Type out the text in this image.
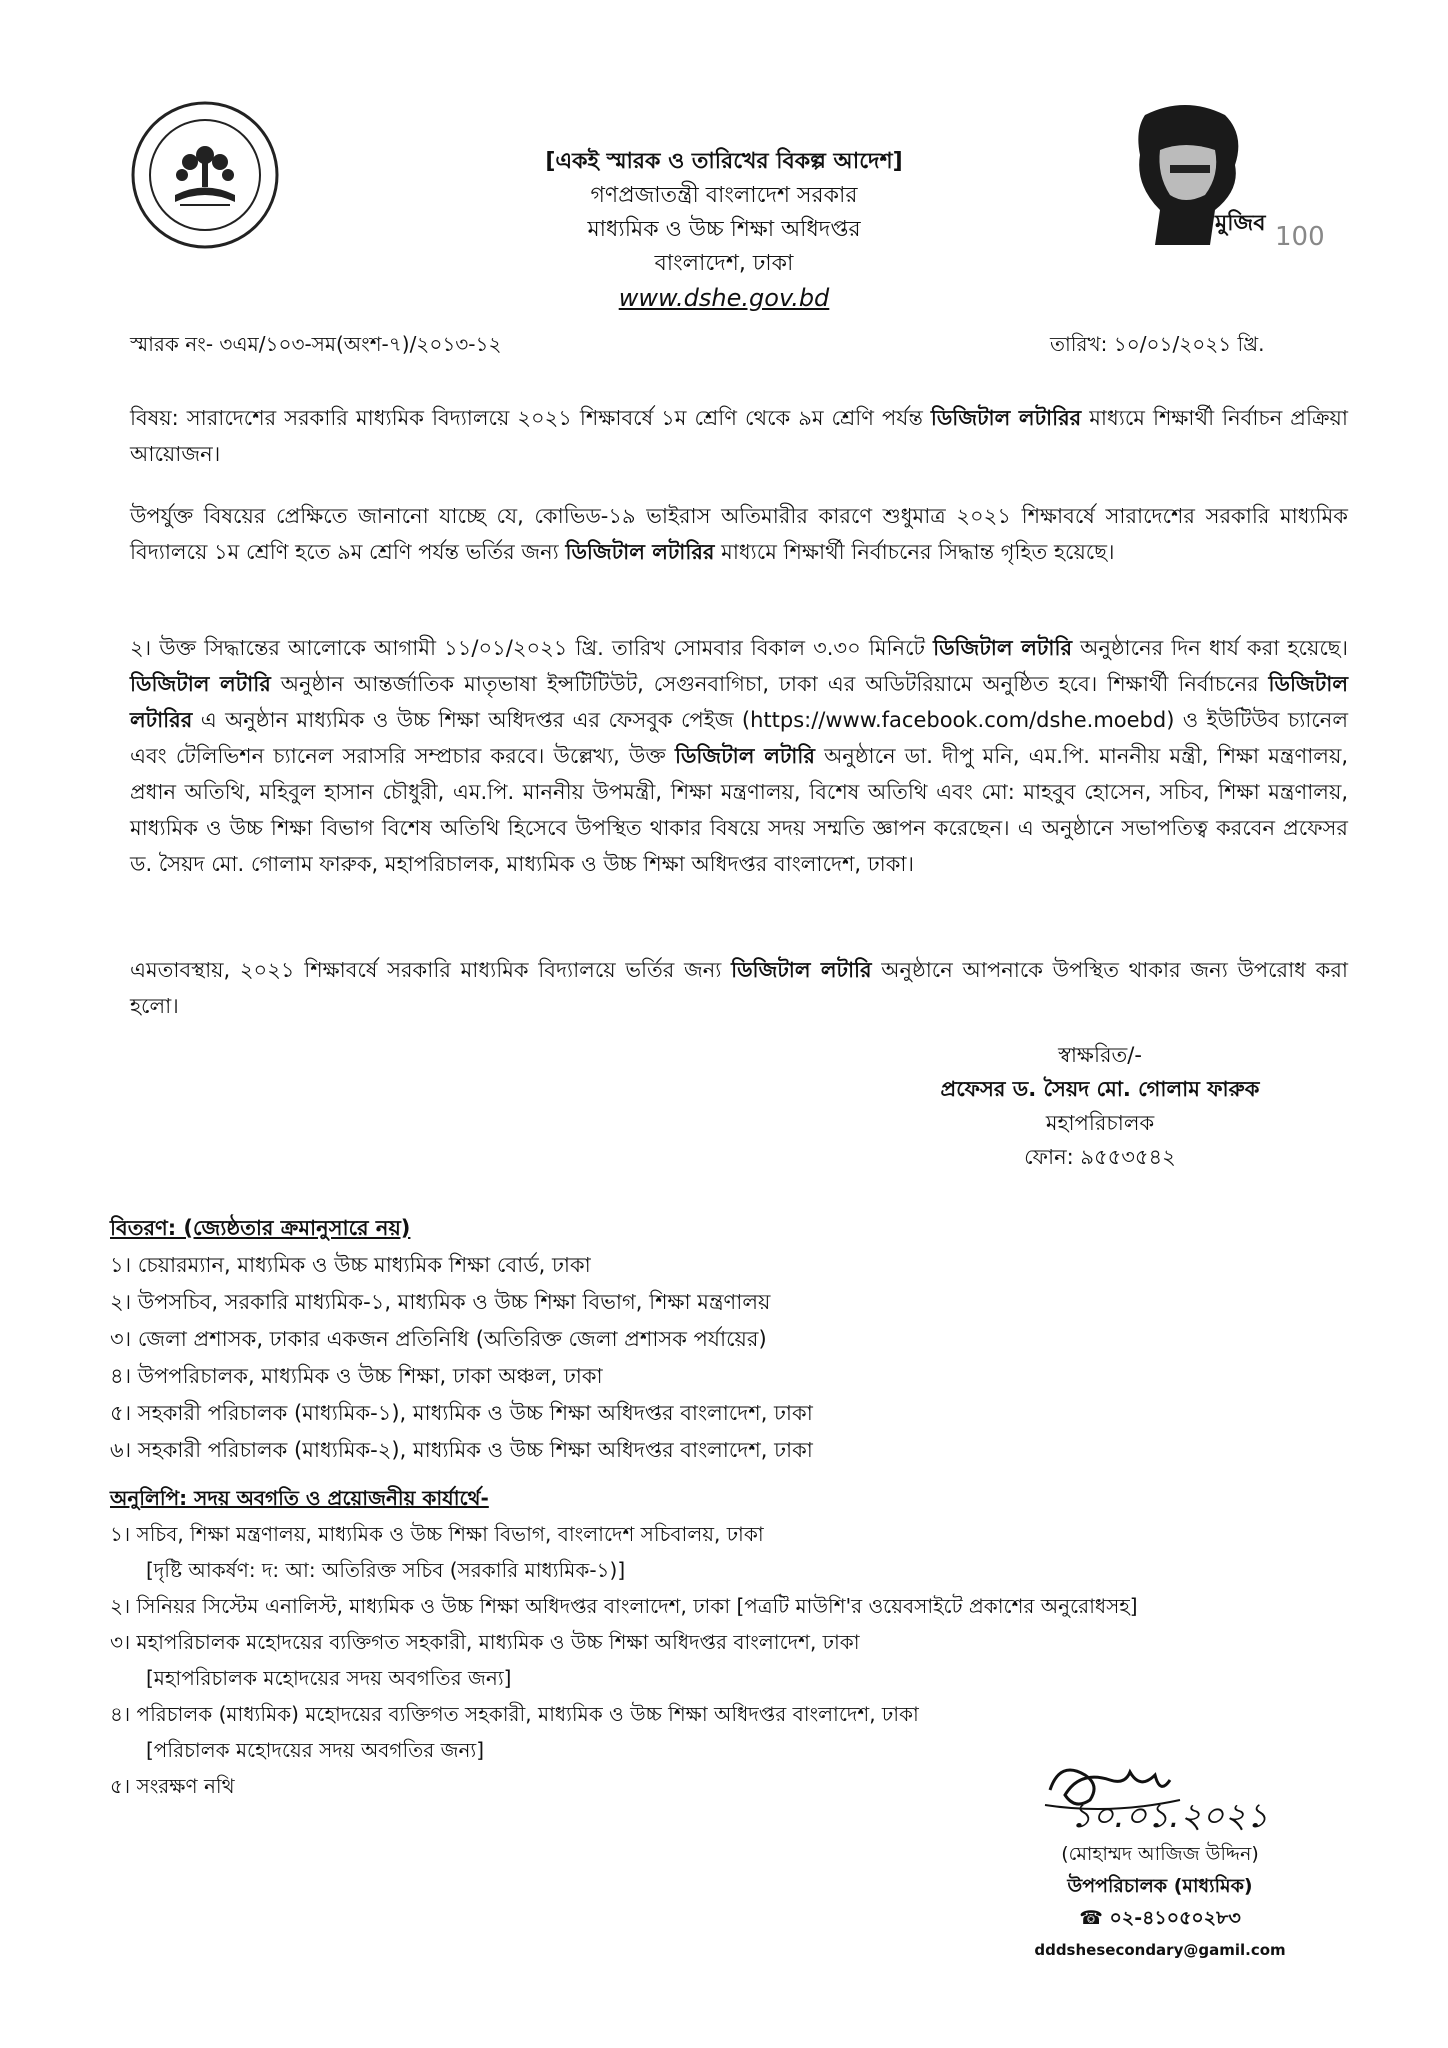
[একই স্মারক ও তারিখের বিকল্প আদেশ]
গণপ্রজাতন্ত্রী বাংলাদেশ সরকার
মাধ্যমিক ও উচ্চ শিক্ষা অধিদপ্তর
বাংলাদেশ, ঢাকা
www.dshe.gov.bd
মুজিব 100
স্মারক নং- ৩এম/১০৩-সম(অংশ-৭)/২০১৩-১২	তারিখ: ১০/০১/২০২১ খ্রি.
বিষয়: সারাদেশের সরকারি মাধ্যমিক বিদ্যালয়ে ২০২১ শিক্ষাবর্ষে ১ম শ্রেণি থেকে ৯ম শ্রেণি পর্যন্ত ডিজিটাল লটারির মাধ্যমে শিক্ষার্থী নির্বাচন প্রক্রিয়া আয়োজন।
উপর্যুক্ত বিষয়ের প্রেক্ষিতে জানানো যাচ্ছে যে, কোভিড-১৯ ভাইরাস অতিমারীর কারণে শুধুমাত্র ২০২১ শিক্ষাবর্ষে সারাদেশের সরকারি মাধ্যমিক বিদ্যালয়ে ১ম শ্রেণি হতে ৯ম শ্রেণি পর্যন্ত ভর্তির জন্য ডিজিটাল লটারির মাধ্যমে শিক্ষার্থী নির্বাচনের সিদ্ধান্ত গৃহিত হয়েছে।
২। উক্ত সিদ্ধান্তের আলোকে আগামী ১১/০১/২০২১ খ্রি. তারিখ সোমবার বিকাল ৩.৩০ মিনিটে ডিজিটাল লটারি অনুষ্ঠানের দিন ধার্য করা হয়েছে। ডিজিটাল লটারি অনুষ্ঠান আন্তর্জাতিক মাতৃভাষা ইন্সটিটিউট, সেগুনবাগিচা, ঢাকা এর অডিটরিয়ামে অনুষ্ঠিত হবে। শিক্ষার্থী নির্বাচনের ডিজিটাল লটারির এ অনুষ্ঠান মাধ্যমিক ও উচ্চ শিক্ষা অধিদপ্তর এর ফেসবুক পেইজ (https://www.facebook.com/dshe.moebd) ও ইউটিউব চ্যানেল এবং টেলিভিশন চ্যানেল সরাসরি সম্প্রচার করবে। উল্লেখ্য, উক্ত ডিজিটাল লটারি অনুষ্ঠানে ডা. দীপু মনি, এম.পি. মাননীয় মন্ত্রী, শিক্ষা মন্ত্রণালয়, প্রধান অতিথি, মহিবুল হাসান চৌধুরী, এম.পি. মাননীয় উপমন্ত্রী, শিক্ষা মন্ত্রণালয়, বিশেষ অতিথি এবং মো: মাহবুব হোসেন, সচিব, শিক্ষা মন্ত্রণালয়, মাধ্যমিক ও উচ্চ শিক্ষা বিভাগ বিশেষ অতিথি হিসেবে উপস্থিত থাকার বিষয়ে সদয় সম্মতি জ্ঞাপন করেছেন। এ অনুষ্ঠানে সভাপতিত্ব করবেন প্রফেসর ড. সৈয়দ মো. গোলাম ফারুক, মহাপরিচালক, মাধ্যমিক ও উচ্চ শিক্ষা অধিদপ্তর বাংলাদেশ, ঢাকা।
এমতাবস্থায়, ২০২১ শিক্ষাবর্ষে সরকারি মাধ্যমিক বিদ্যালয়ে ভর্তির জন্য ডিজিটাল লটারি অনুষ্ঠানে আপনাকে উপস্থিত থাকার জন্য উপরোধ করা হলো।
স্বাক্ষরিত/-
প্রফেসর ড. সৈয়দ মো. গোলাম ফারুক
মহাপরিচালক
ফোন: ৯৫৫৩৫৪২
বিতরণ: (জ্যেষ্ঠতার ক্রমানুসারে নয়)
১। চেয়ারম্যান, মাধ্যমিক ও উচ্চ মাধ্যমিক শিক্ষা বোর্ড, ঢাকা
২। উপসচিব, সরকারি মাধ্যমিক-১, মাধ্যমিক ও উচ্চ শিক্ষা বিভাগ, শিক্ষা মন্ত্রণালয়
৩। জেলা প্রশাসক, ঢাকার একজন প্রতিনিধি (অতিরিক্ত জেলা প্রশাসক পর্যায়ের)
৪। উপপরিচালক, মাধ্যমিক ও উচ্চ শিক্ষা, ঢাকা অঞ্চল, ঢাকা
৫। সহকারী পরিচালক (মাধ্যমিক-১), মাধ্যমিক ও উচ্চ শিক্ষা অধিদপ্তর বাংলাদেশ, ঢাকা
৬। সহকারী পরিচালক (মাধ্যমিক-২), মাধ্যমিক ও উচ্চ শিক্ষা অধিদপ্তর বাংলাদেশ, ঢাকা
অনুলিপি: সদয় অবগতি ও প্রয়োজনীয় কার্যার্থে-
১। সচিব, শিক্ষা মন্ত্রণালয়, মাধ্যমিক ও উচ্চ শিক্ষা বিভাগ, বাংলাদেশ সচিবালয়, ঢাকা
[দৃষ্টি আকর্ষণ: দ: আ: অতিরিক্ত সচিব (সরকারি মাধ্যমিক-১)]
২। সিনিয়র সিস্টেম এনালিস্ট, মাধ্যমিক ও উচ্চ শিক্ষা অধিদপ্তর বাংলাদেশ, ঢাকা [পত্রটি মাউশি'র ওয়েবসাইটে প্রকাশের অনুরোধসহ]
৩। মহাপরিচালক মহোদয়ের ব্যক্তিগত সহকারী, মাধ্যমিক ও উচ্চ শিক্ষা অধিদপ্তর বাংলাদেশ, ঢাকা
[মহাপরিচালক মহোদয়ের সদয় অবগতির জন্য]
৪। পরিচালক (মাধ্যমিক) মহোদয়ের ব্যক্তিগত সহকারী, মাধ্যমিক ও উচ্চ শিক্ষা অধিদপ্তর বাংলাদেশ, ঢাকা
[পরিচালক মহোদয়ের সদয় অবগতির জন্য]
৫। সংরক্ষণ নথি
১০.০১.২০২১
(মোহাম্মদ আজিজ উদ্দিন)
উপপরিচালক (মাধ্যমিক)
☎ ০২-৪১০৫০২৮৩
dddshesecondary@gamil.com
